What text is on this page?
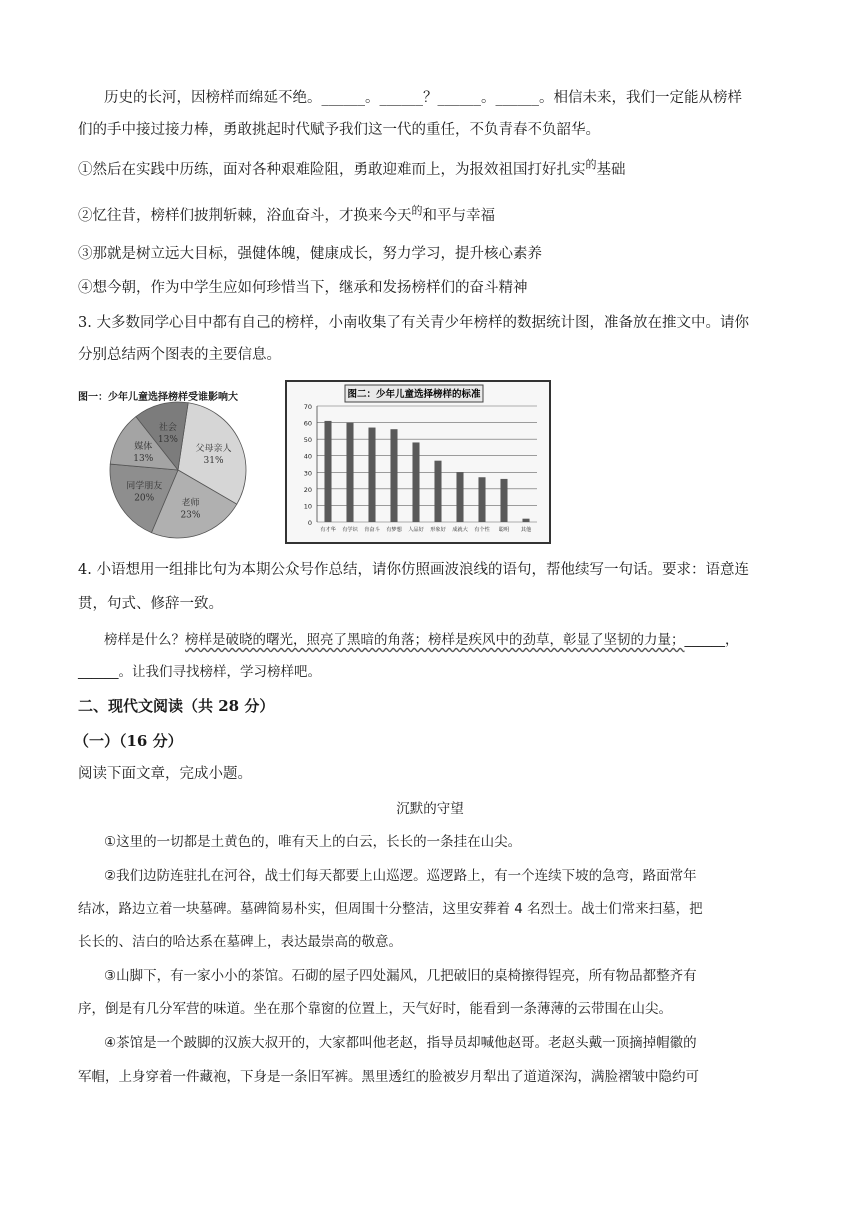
历史的长河，因榜样而绵延不绝。______。______？______。______。相信未来，我们一定能从榜样
们的手中接过接力棒，勇敢挑起时代赋予我们这一代的重任，不负青春不负韶华。
①然后在实践中历练，面对各种艰难险阻，勇敢迎难而上，为报效祖国打好扎实$^的$基础
②忆往昔，榜样们披荆斩棘，浴血奋斗，才换来今天$^的$和平与幸福
③那就是树立远大目标，强健体魄，健康成长，努力学习，提升核心素养
④想今朝，作为中学生应如何珍惜当下，继承和发扬榜样们的奋斗精神
3. 大多数同学心目中都有自己的榜样，小南收集了有关青少年榜样的数据统计图，准备放在推文中。请你
分别总结两个图表的主要信息。
图一：少年儿童选择榜样受谁影响大
父母亲人
31%
老师
23%
同学朋友
20%
媒体
13%
社会
13%
图二：少年儿童选择榜样的标准
0
10
20
30
40
50
60
70
有才华 有学识 肯奋斗 有梦想 人品好 形象好 成就大 有个性 聪明 其他
4. 小语想用一组排比句为本期公众号作总结，请你仿照画波浪线的语句，帮他续写一句话。要求：语意连
贯，句式、修辞一致。
榜样是什么？榜样是破晓的曙光，照亮了黑暗的角落；榜样是疾风中的劲草，彰显了坚韧的力量；______，
______。让我们寻找榜样，学习榜样吧。
二、现代文阅读（共 28 分）
（一）（16 分）
阅读下面文章，完成小题。
沉默的守望
①这里的一切都是土黄色的，唯有天上的白云，长长的一条挂在山尖。
②我们边防连驻扎在河谷，战士们每天都要上山巡逻。巡逻路上，有一个连续下坡的急弯，路面常年
结冰，路边立着一块墓碑。墓碑简易朴实，但周围十分整洁，这里安葬着 4 名烈士。战士们常来扫墓，把
长长的、洁白的哈达系在墓碑上，表达最崇高的敬意。
③山脚下，有一家小小的茶馆。石砌的屋子四处漏风，几把破旧的桌椅擦得锃亮，所有物品都整齐有
序，倒是有几分军营的味道。坐在那个靠窗的位置上，天气好时，能看到一条薄薄的云带围在山尖。
④茶馆是一个跛脚的汉族大叔开的，大家都叫他老赵，指导员却喊他赵哥。老赵头戴一顶摘掉帽徽的
军帽，上身穿着一件藏袍，下身是一条旧军裤。黑里透红的脸被岁月犁出了道道深沟，满脸褶皱中隐约可
